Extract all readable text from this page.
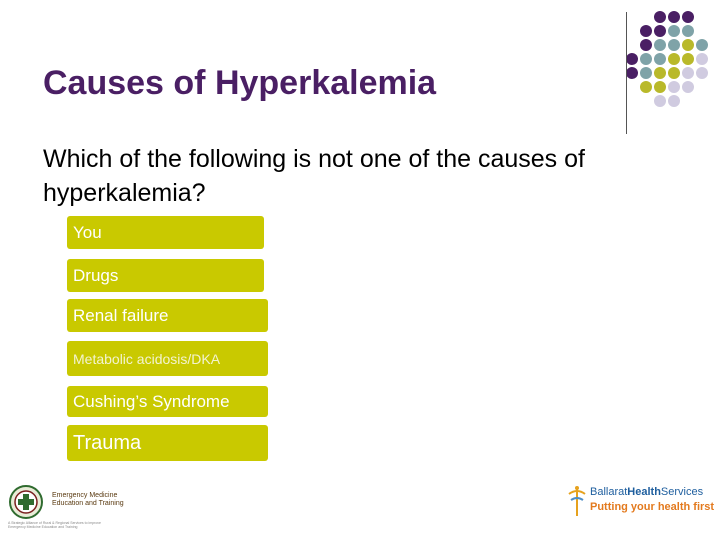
Causes of Hyperkalemia
Which of the following is not one of the causes of hyperkalemia?
You
Drugs
Renal failure
Metabolic acidosis/DKA
Cushing’s Syndrome
Trauma
Emergency Medicine
Education and Training
A Strategic Alliance of Rural & Regional Services to improve Emergency Medicine Education and Training
BallaratHealthServices
Putting your health first
